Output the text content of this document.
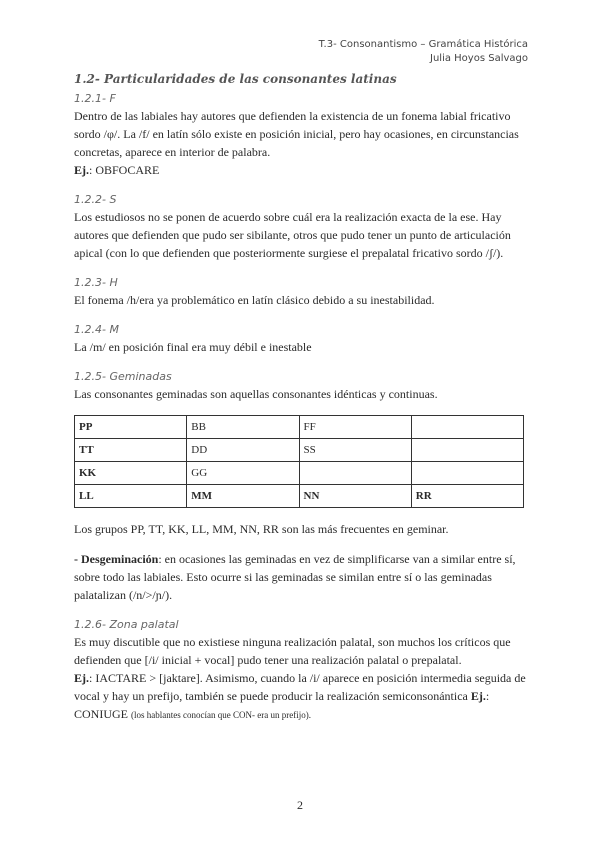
T.3- Consonantismo – Gramática Histórica
Julia Hoyos Salvago
1.2- Particularidades de las consonantes latinas
1.2.1- F

Dentro de las labiales hay autores que defienden la existencia de un fonema labial fricativo sordo /φ/. La /f/ en latín sólo existe en posición inicial, pero hay ocasiones, en circunstancias concretas, aparece en interior de palabra.
Ej.: OBFOCARE

1.2.2- S

Los estudiosos no se ponen de acuerdo sobre cuál era la realización exacta de la ese. Hay autores que defienden que pudo ser sibilante, otros que pudo tener un punto de articulación apical (con lo que defienden que posteriormente surgiese el prepalatal fricativo sordo /ʃ/).

1.2.3- H

El fonema /h/era ya problemático en latín clásico debido a su inestabilidad.

1.2.4- M

La /m/ en posición final era muy débil e inestable

1.2.5- Geminadas

Las consonantes geminadas son aquellas consonantes idénticas y continuas.

PP	BB	FF	
TT	DD	SS	
KK	GG		
LL	MM	NN	RR

Los grupos PP, TT, KK, LL, MM, NN, RR son las más frecuentes en geminar.

- Desgeminación: en ocasiones las geminadas en vez de simplificarse van a similar entre sí, sobre todo las labiales. Esto ocurre si las geminadas se similan entre sí o las geminadas palatalizan (/n/>/ɲ/).

1.2.6- Zona palatal

Es muy discutible que no existiese ninguna realización palatal, son muchos los críticos que defienden que [/i/ inicial + vocal] pudo tener una realización palatal o prepalatal.
Ej.: IACTARE > [jaktare]. Asimismo, cuando la /i/ aparece en posición intermedia seguida de vocal y hay un prefijo, también se puede producir la realización semiconsonántica Ej.: CONIUGE (los hablantes conocían que CON- era un prefijo).

2
